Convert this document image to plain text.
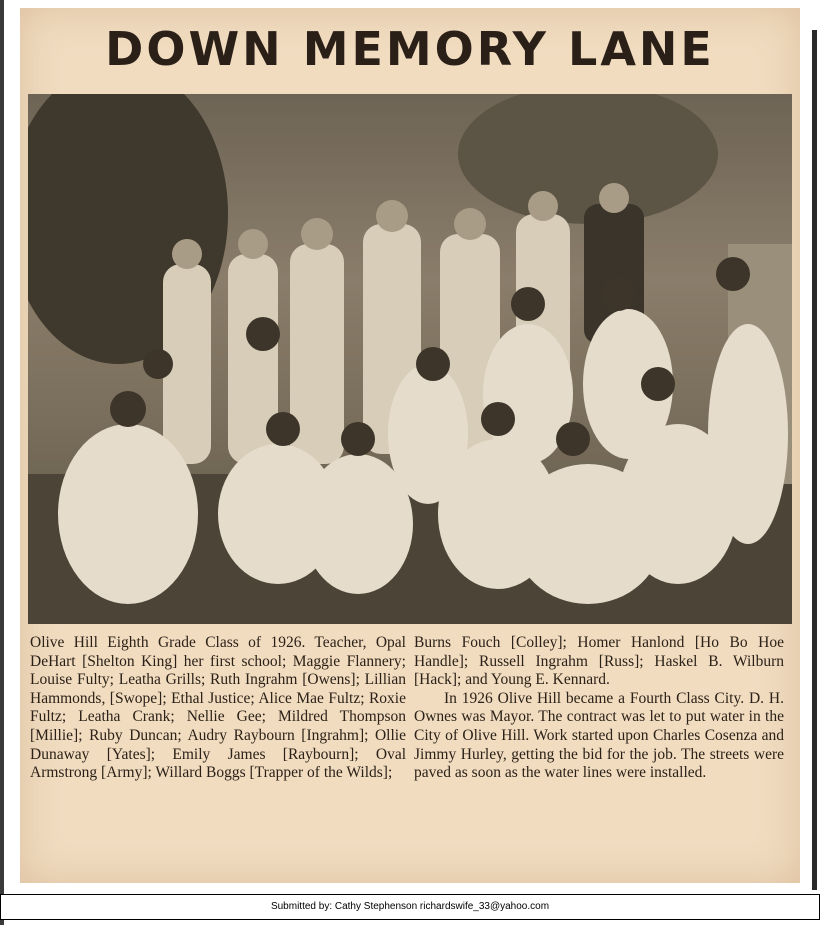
DOWN MEMORY LANE

Olive Hill Eighth Grade Class of 1926. Teacher, Opal DeHart [Shelton King] her first school; Maggie Flannery; Louise Fulty; Leatha Grills; Ruth Ingrahm [Owens]; Lillian Hammonds, [Swope]; Ethal Justice; Alice Mae Fultz; Roxie Fultz; Leatha Crank; Nellie Gee; Mildred Thompson [Millie]; Ruby Duncan; Audry Raybourn [Ingrahm]; Ollie Dunaway [Yates]; Emily James [Raybourn]; Oval Armstrong [Army]; Willard Boggs [Trapper of the Wilds];

Burns Fouch [Colley]; Homer Hanlond [Ho Bo Hoe Handle]; Russell Ingrahm [Russ]; Haskel B. Wilburn [Hack]; and Young E. Kennard.

In 1926 Olive Hill became a Fourth Class City. D. H. Ownes was Mayor. The contract was let to put water in the City of Olive Hill. Work started upon Charles Cosenza and Jimmy Hurley, getting the bid for the job. The streets were paved as soon as the water lines were installed.

Submitted by: Cathy Stephenson richardswife_33@yahoo.com
